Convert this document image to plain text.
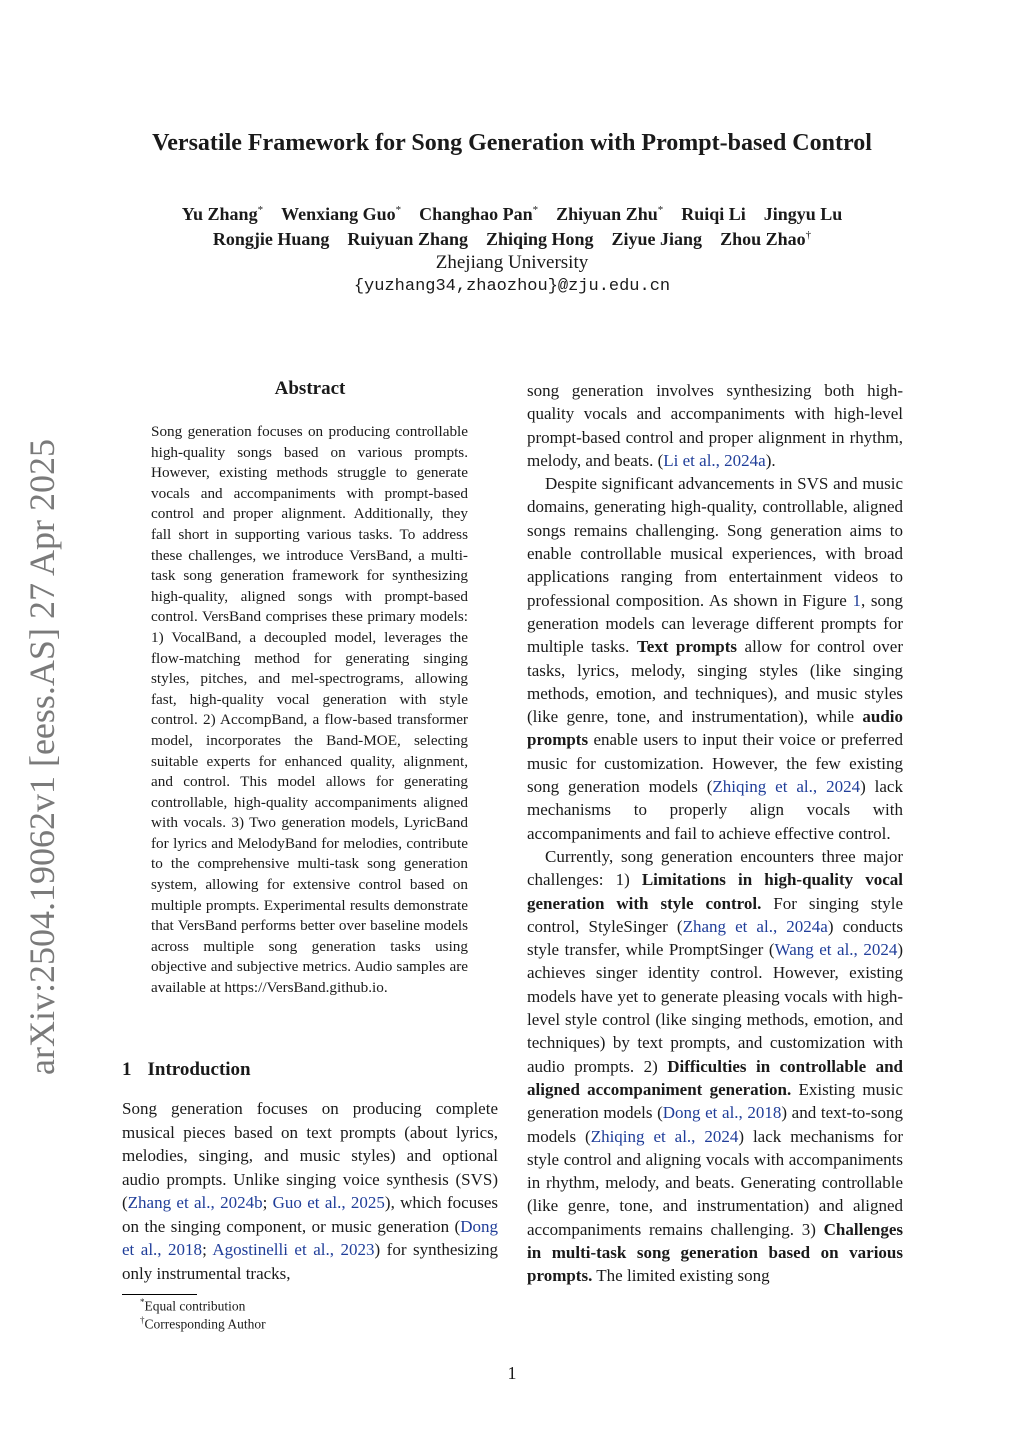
Versatile Framework for Song Generation with Prompt-based Control
Yu Zhang* Wenxiang Guo* Changhao Pan* Zhiyuan Zhu* Ruiqi Li Jingyu Lu
Rongjie Huang Ruiyuan Zhang Zhiqing Hong Ziyue Jiang Zhou Zhao†
Zhejiang University
{yuzhang34,zhaozhou}@zju.edu.cn
arXiv:2504.19062v1 [eess.AS] 27 Apr 2025
Abstract

Song generation focuses on producing controllable high-quality songs based on various prompts. However, existing methods struggle to generate vocals and accompaniments with prompt-based control and proper alignment. Additionally, they fall short in supporting various tasks. To address these challenges, we introduce VersBand, a multi-task song generation framework for synthesizing high-quality, aligned songs with prompt-based control. VersBand comprises these primary models: 1) VocalBand, a decoupled model, leverages the flow-matching method for generating singing styles, pitches, and mel-spectrograms, allowing fast, high-quality vocal generation with style control. 2) AccompBand, a flow-based transformer model, incorporates the Band-MOE, selecting suitable experts for enhanced quality, alignment, and control. This model allows for generating controllable, high-quality accompaniments aligned with vocals. 3) Two generation models, LyricBand for lyrics and MelodyBand for melodies, contribute to the comprehensive multi-task song generation system, allowing for extensive control based on multiple prompts. Experimental results demonstrate that VersBand performs better over baseline models across multiple song generation tasks using objective and subjective metrics. Audio samples are available at https://VersBand.github.io.

1 Introduction

Song generation focuses on producing complete musical pieces based on text prompts (about lyrics, melodies, singing, and music styles) and optional audio prompts. Unlike singing voice synthesis (SVS) (Zhang et al., 2024b; Guo et al., 2025), which focuses on the singing component, or music generation (Dong et al., 2018; Agostinelli et al., 2023) for synthesizing only instrumental tracks,

*Equal contribution
†Corresponding Author

song generation involves synthesizing both high-quality vocals and accompaniments with high-level prompt-based control and proper alignment in rhythm, melody, and beats. (Li et al., 2024a).

Despite significant advancements in SVS and music domains, generating high-quality, controllable, aligned songs remains challenging. Song generation aims to enable controllable musical experiences, with broad applications ranging from entertainment videos to professional composition. As shown in Figure 1, song generation models can leverage different prompts for multiple tasks. Text prompts allow for control over tasks, lyrics, melody, singing styles (like singing methods, emotion, and techniques), and music styles (like genre, tone, and instrumentation), while audio prompts enable users to input their voice or preferred music for customization. However, the few existing song generation models (Zhiqing et al., 2024) lack mechanisms to properly align vocals with accompaniments and fail to achieve effective control.

Currently, song generation encounters three major challenges: 1) Limitations in high-quality vocal generation with style control. For singing style control, StyleSinger (Zhang et al., 2024a) conducts style transfer, while PromptSinger (Wang et al., 2024) achieves singer identity control. However, existing models have yet to generate pleasing vocals with high-level style control (like singing methods, emotion, and techniques) by text prompts, and customization with audio prompts. 2) Difficulties in controllable and aligned accompaniment generation. Existing music generation models (Dong et al., 2018) and text-to-song models (Zhiqing et al., 2024) lack mechanisms for style control and aligning vocals with accompaniments in rhythm, melody, and beats. Generating controllable (like genre, tone, and instrumentation) and aligned accompaniments remains challenging. 3) Challenges in multi-task song generation based on various prompts. The limited existing song

1
